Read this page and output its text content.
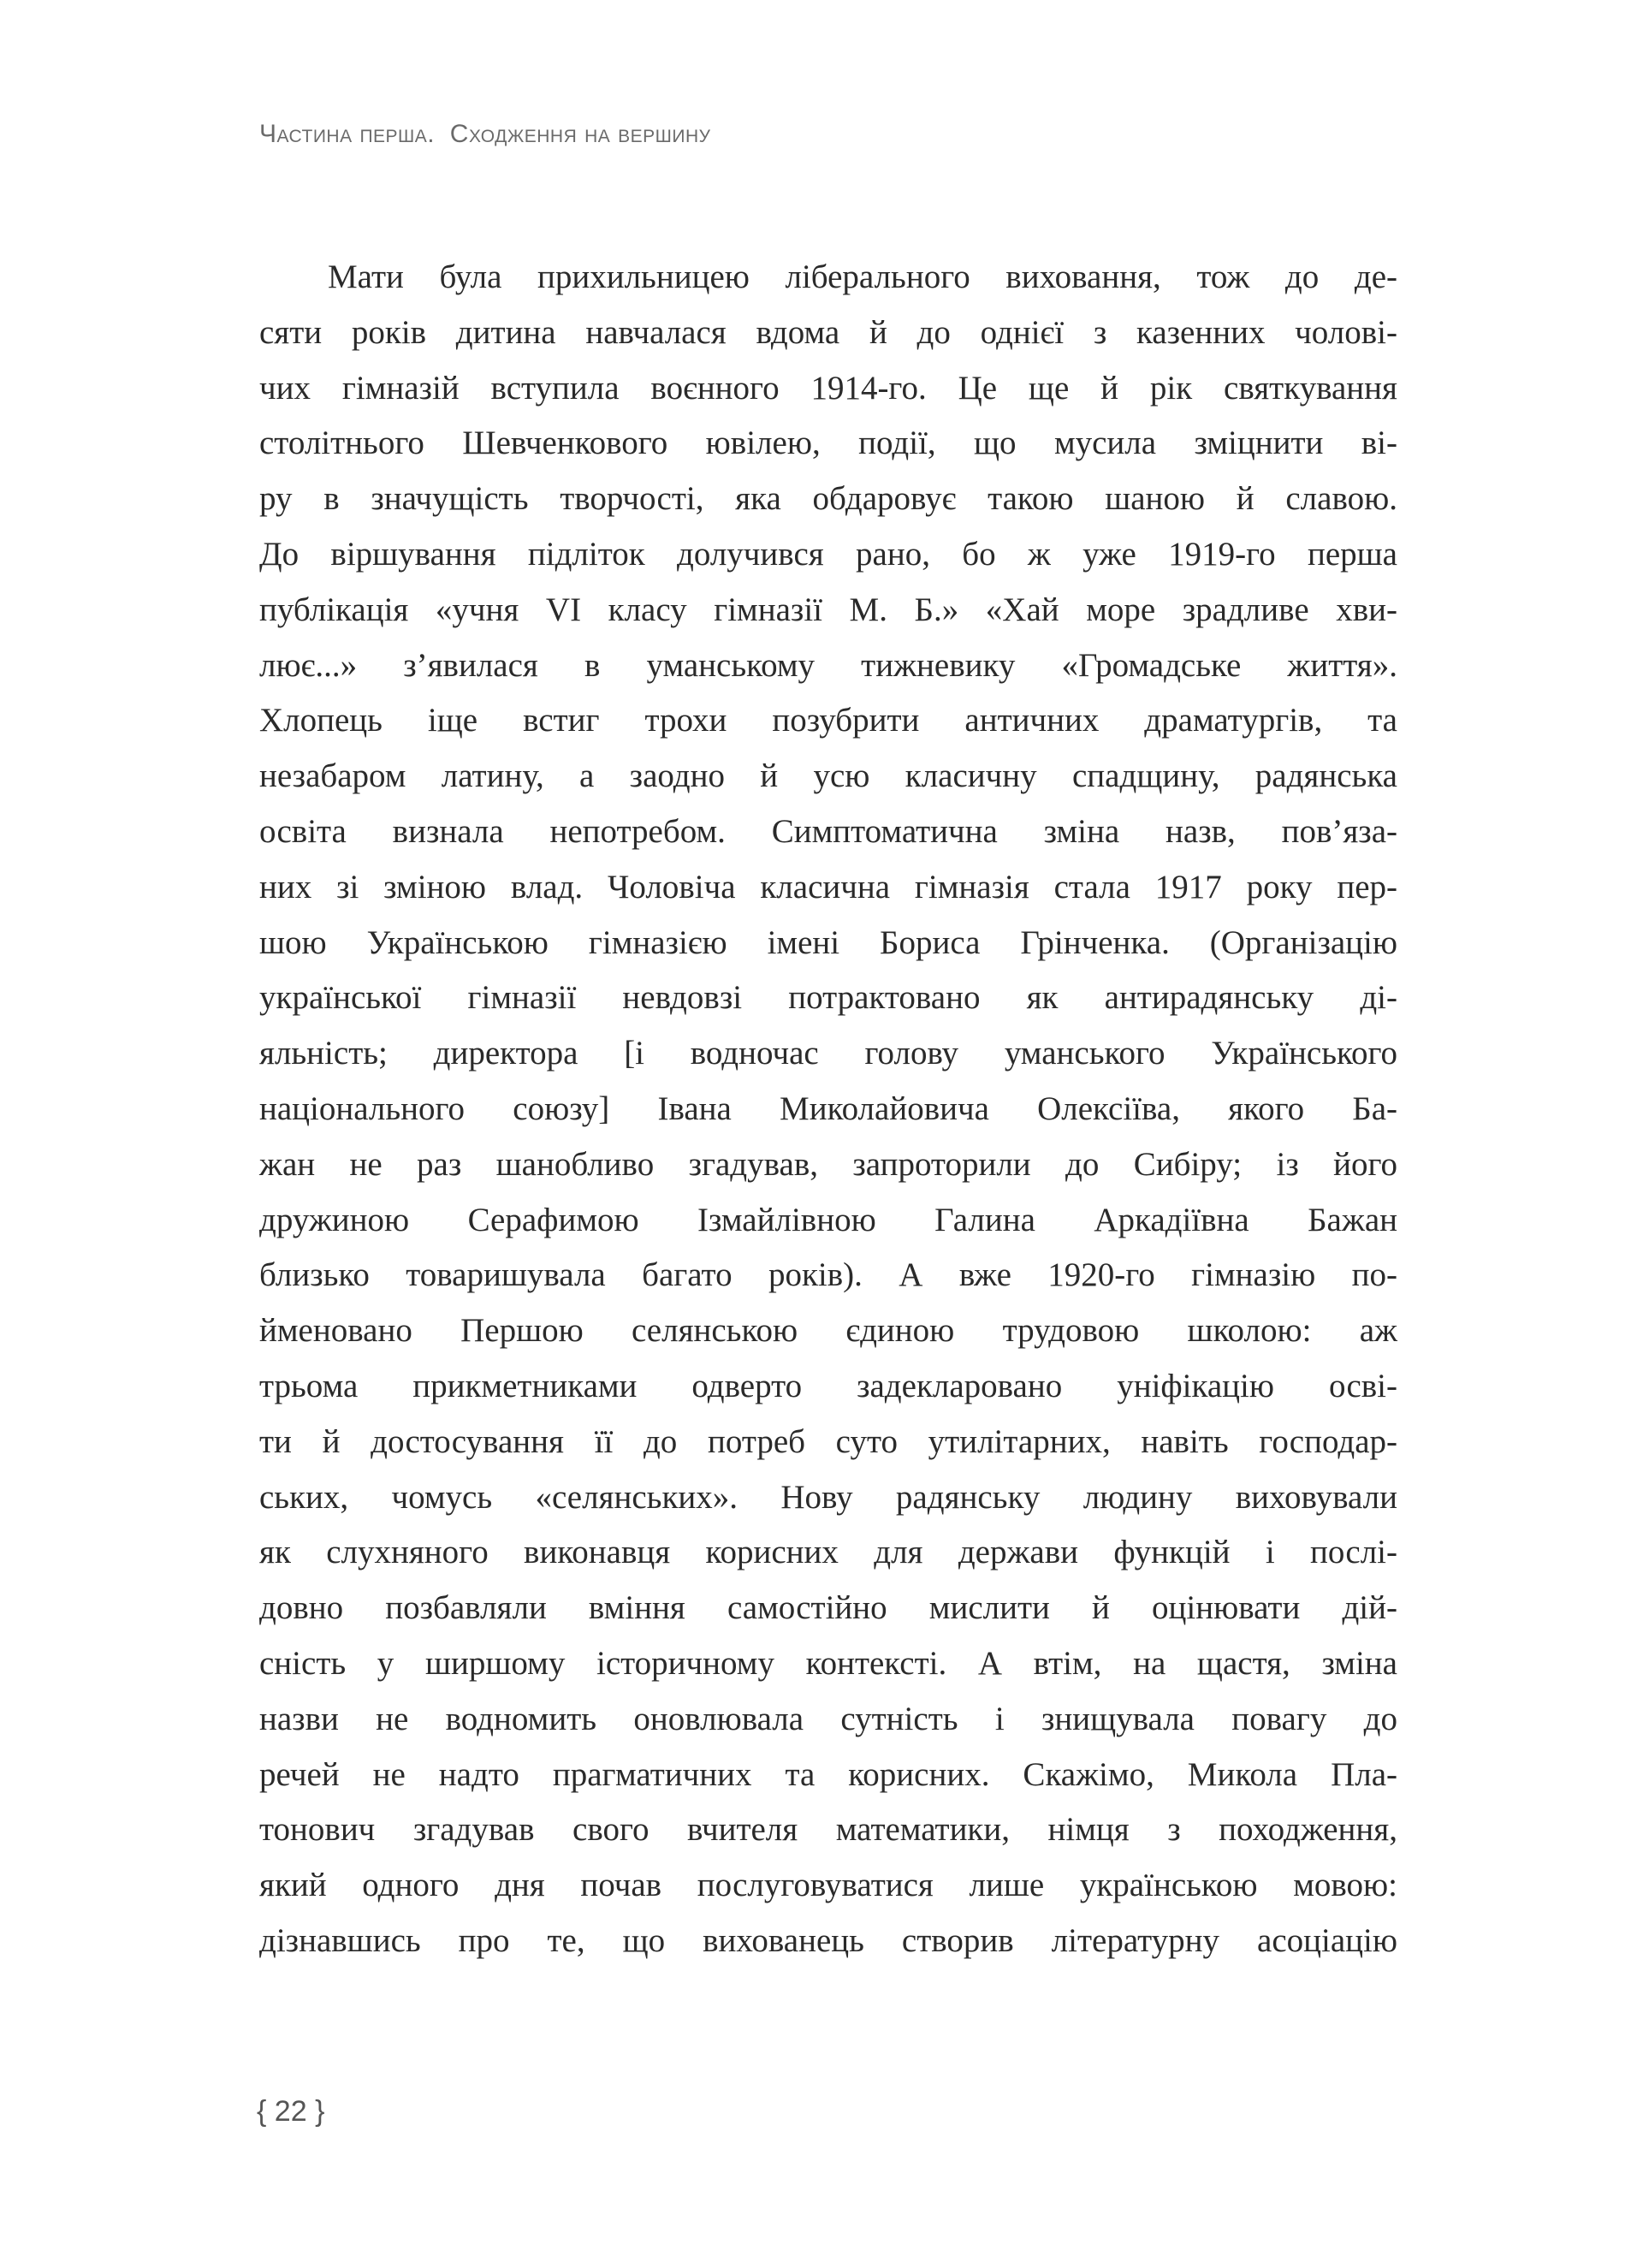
Частина перша.  Сходження на вершину
Мати була прихильницею ліберального виховання, тож до де-
сяти років дитина навчалася вдома й до однієї з казенних чолові-
чих гімназій вступила воєнного 1914-го. Це ще й рік святкування
столітнього Шевченкового ювілею, події, що мусила зміцнити ві-
ру в значущість творчості, яка обдаровує такою шаною й славою.
До віршування підліток долучився рано, бо ж уже 1919-го перша
публікація «учня VI класу гімназії М. Б.» «Хай море зрадливе хви-
лює...» з’явилася в уманському тижневику «Громадське життя».
Хлопець іще встиг трохи позубрити античних драматургів, та
незабаром латину, а заодно й усю класичну спадщину, радянська
освіта визнала непотребом. Симптоматична зміна назв, пов’яза-
них зі зміною влад. Чоловіча класична гімназія стала 1917 року пер-
шою Українською гімназією імені Бориса Грінченка. (Організацію
української гімназії невдовзі потрактовано як антирадянську ді-
яльність; директора [і водночас голову уманського Українського
національного союзу] Івана Миколайовича Олексіїва, якого Ба-
жан не раз шанобливо згадував, запроторили до Сибіру; із його
дружиною Серафимою Ізмайлівною Галина Аркадіївна Бажан
близько товаришувала багато років). А вже 1920-го гімназію по-
йменовано Першою селянською єдиною трудовою школою: аж
трьома прикметниками одверто задекларовано уніфікацію осві-
ти й достосування її до потреб суто утилітарних, навіть господар-
ських, чомусь «селянських». Нову радянську людину виховували
як слухняного виконавця корисних для держави функцій і послі-
довно позбавляли вміння самостійно мислити й оцінювати дій-
сність у ширшому історичному контексті. А втім, на щастя, зміна
назви не водномить оновлювала сутність і знищувала повагу до
речей не надто прагматичних та корисних. Скажімо, Микола Пла-
тонович згадував свого вчителя математики, німця з походження,
який одного дня почав послуговуватися лише українською мовою:
дізнавшись про те, що вихованець створив літературну асоціацію
{ 22 }
